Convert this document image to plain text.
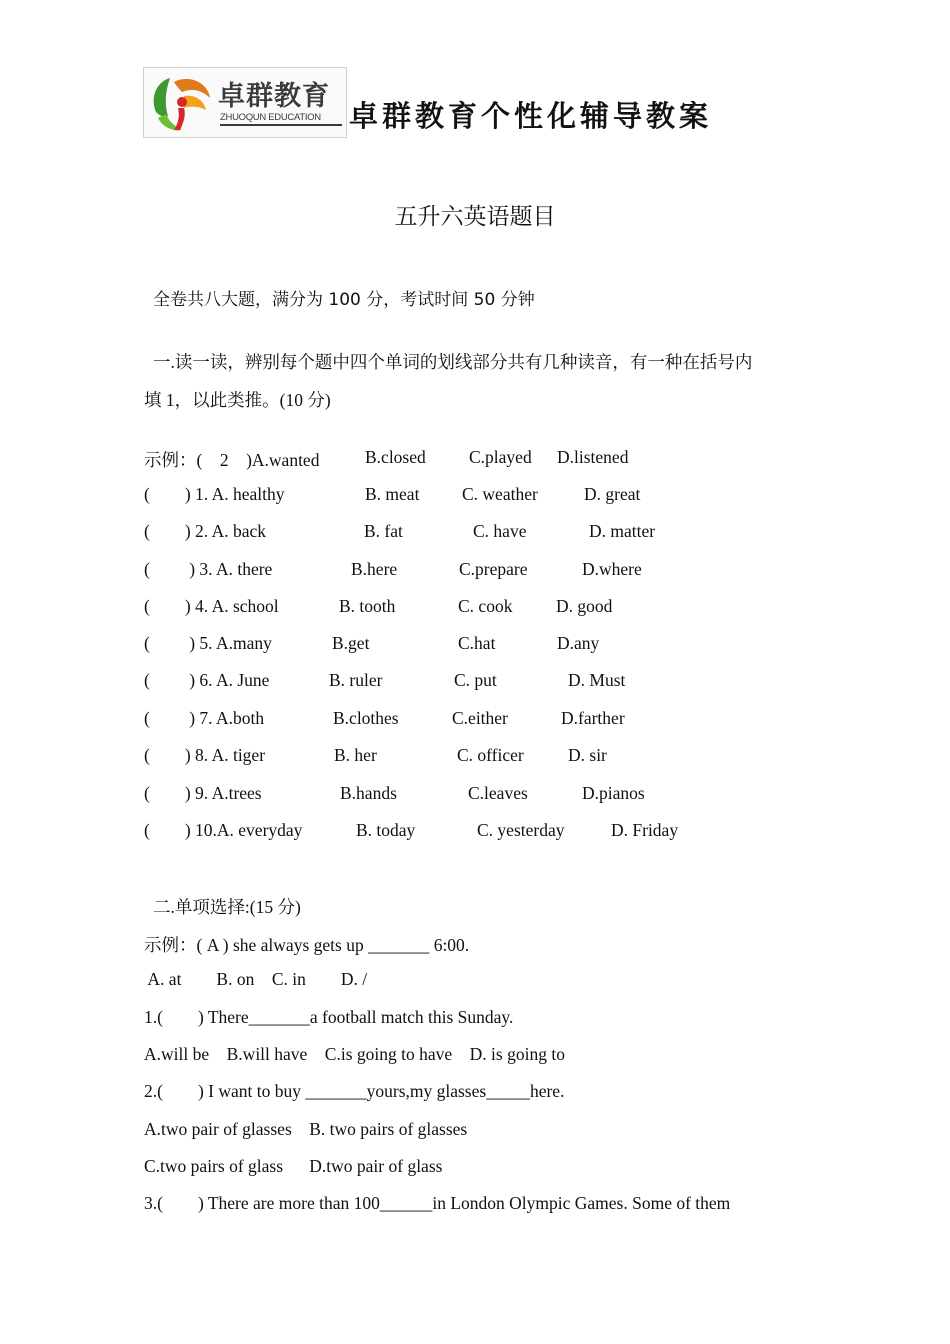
卓群教育
ZHUOQUN EDUCATION 卓群教育个性化辅导教案
五升六英语题目
全卷共八大题，满分为 100 分，考试时间 50 分钟
一.读一读，辨别每个题中四个单词的划线部分共有几种读音，有一种在括号内
填 1，以此类推。(10 分)
示例：(    2    )A.wanted	B.closed C.played D.listened
(        ) 1. A. healthy	B. meat C. weather	D. great
(        ) 2. A. back	B. fat	C. have	D. matter
(         ) 3. A. there	B.here	C.prepare	D.where
(        ) 4. A. school	B. tooth	C. cook D. good
(         ) 5. A.many	B.get	C.hat	D.any
(         ) 6. A. June	B. ruler	C. put	D. Must
(         ) 7. A.both	B.clothes	C.either	D.farther
(        ) 8. A. tiger	B. her	C. officer	D. sir
(        ) 9. A.trees	B.hands	C.leaves	D.pianos
(        ) 10.A. everyday	B. today	C. yesterday	D. Friday
二.单项选择:(15 分)
示例：( A ) she always gets up _______ 6:00.
A. at        B. on    C. in        D. /
1.(        ) There_______a football match this Sunday.
A.will be    B.will have    C.is going to have    D. is going to
2.(        ) I want to buy _______yours,my glasses_____here.
A.two pair of glasses    B. two pairs of glasses
C.two pairs of glass      D.two pair of glass
3.(        ) There are more than 100______in London Olympic Games. Some of them
